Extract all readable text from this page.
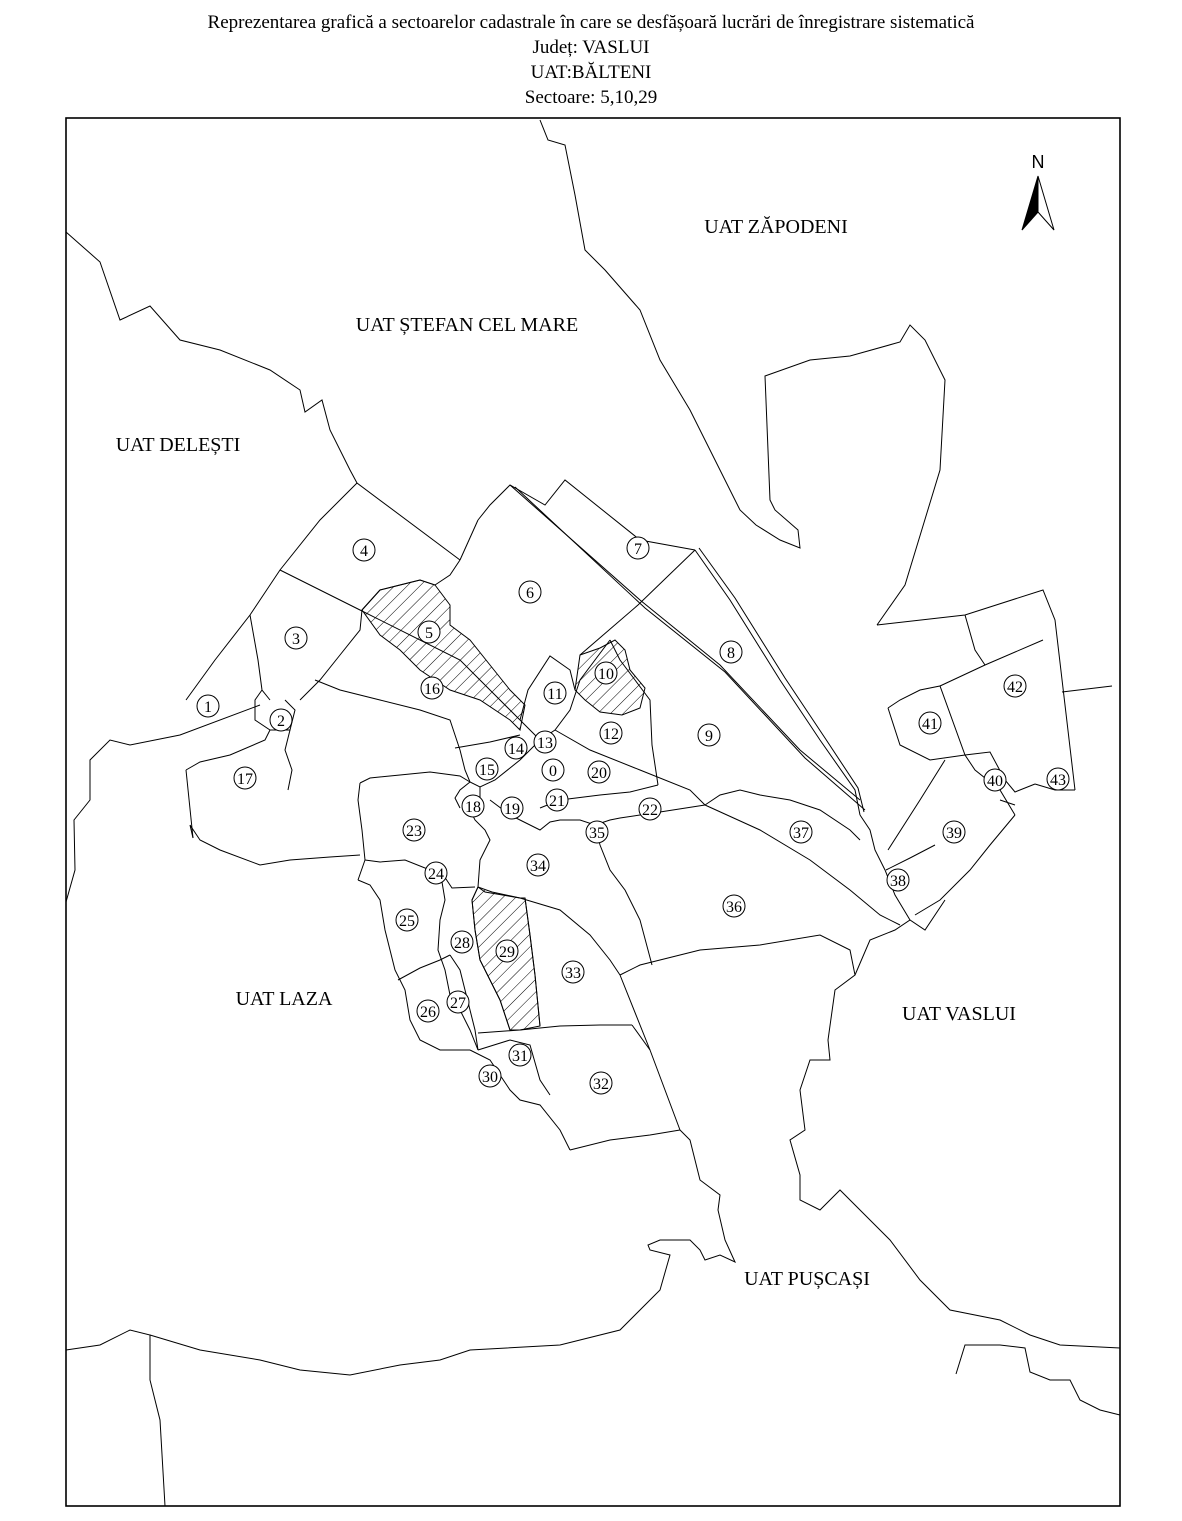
Reprezentarea grafică a sectoarelor cadastrale în care se desfășoară lucrări de înregistrare sistematică
Județ: VASLUI
UAT:BĂLTENI
Sectoare: 5,10,29
N
UAT ZĂPODENI
UAT ȘTEFAN CEL MARE
UAT DELEȘTI
UAT LAZA
UAT VASLUI
UAT PUȘCAȘI
0
1
2
3
4
5
6
7
8
9
10
11
12
13
14
15
16
17
18 19
20
21
22
23
24
25
26
27
28
29
30
31
32
33
34
35
36
37
38
39
40
41
42
43
